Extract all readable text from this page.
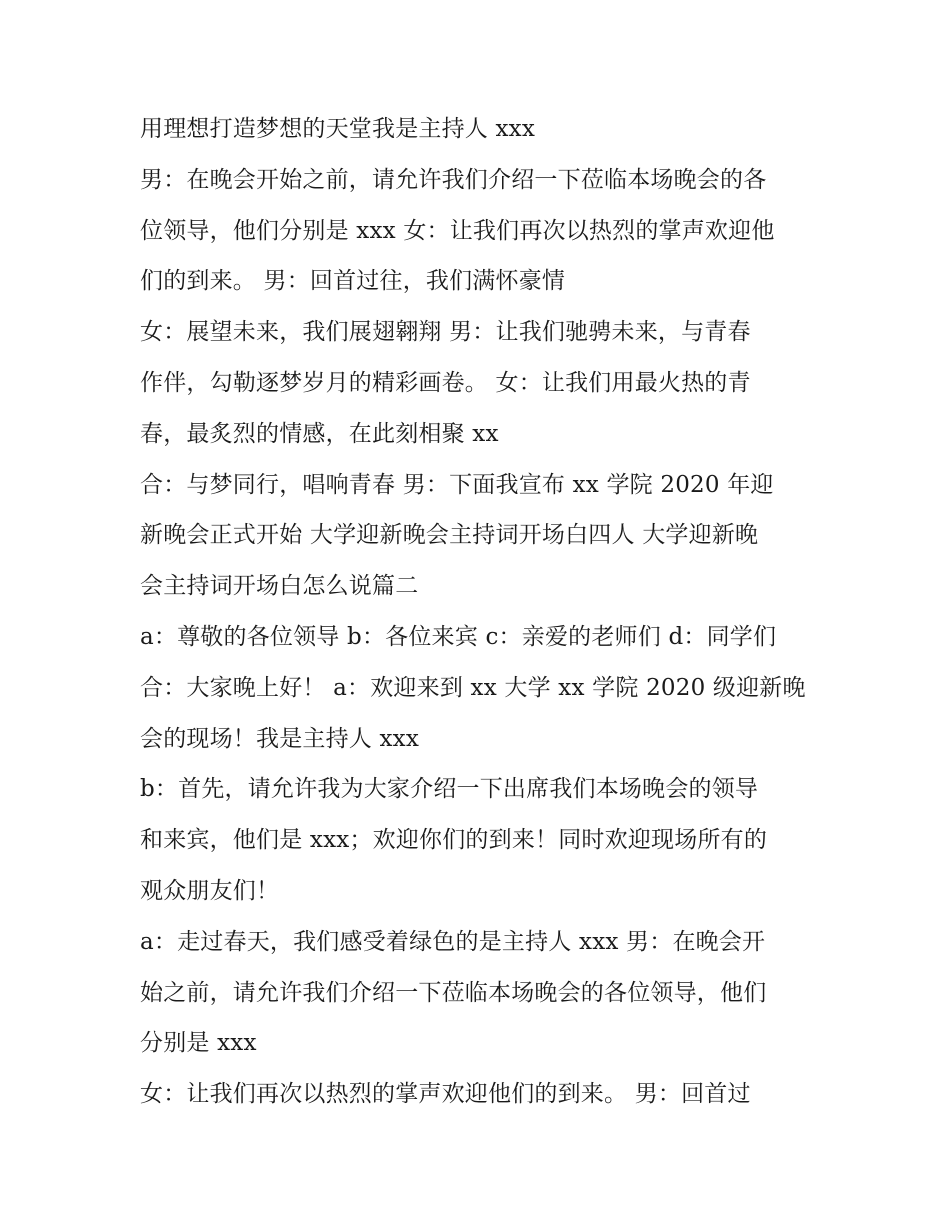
用理想打造梦想的天堂我是主持人 xxx
男：在晚会开始之前，请允许我们介绍一下莅临本场晚会的各
位领导，他们分别是 xxx 女：让我们再次以热烈的掌声欢迎他
们的到来。 男：回首过往，我们满怀豪情
女：展望未来，我们展翅翱翔 男：让我们驰骋未来，与青春
作伴，勾勒逐梦岁月的精彩画卷。 女：让我们用最火热的青
春，最炙烈的情感，在此刻相聚 xx
合：与梦同行，唱响青春 男：下面我宣布 xx 学院 2020 年迎
新晚会正式开始 大学迎新晚会主持词开场白四人 大学迎新晚
会主持词开场白怎么说篇二
a：尊敬的各位领导 b：各位来宾 c：亲爱的老师们 d：同学们
合：大家晚上好！ a：欢迎来到 xx 大学 xx 学院 2020 级迎新晚
会的现场！我是主持人 xxx
b：首先，请允许我为大家介绍一下出席我们本场晚会的领导
和来宾，他们是 xxx；欢迎你们的到来！同时欢迎现场所有的
观众朋友们！
a：走过春天，我们感受着绿色的是主持人 xxx 男：在晚会开
始之前，请允许我们介绍一下莅临本场晚会的各位领导，他们
分别是 xxx
女：让我们再次以热烈的掌声欢迎他们的到来。 男：回首过
